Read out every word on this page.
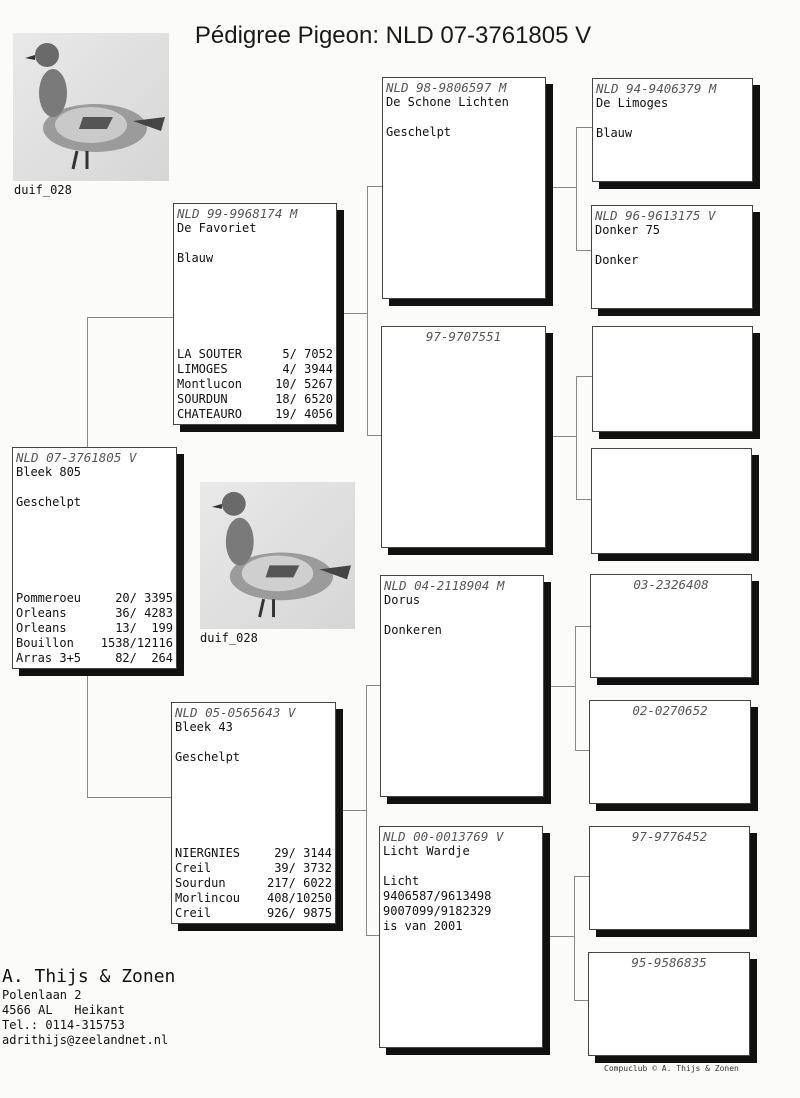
Pédigree Pigeon: NLD 07-3761805 V
duif_028
duif_028
NLD 07-3761805 V
Bleek 805
Geschelpt
Pommeroeu	20/ 3395
Orleans	36/ 4283
Orleans	13/  199
Bouillon	1538/12116
Arras 3+5	82/  264
NLD 99-9968174 M
De Favoriet
Blauw
LA SOUTER	5/ 7052
LIMOGES	4/ 3944
Montlucon	10/ 5267
SOURDUN	18/ 6520
CHATEAURO	19/ 4056
NLD 05-0565643 V
Bleek 43
Geschelpt
NIERGNIES	29/ 3144
Creil	39/ 3732
Sourdun	217/ 6022
Morlincou	408/10250
Creil	926/ 9875
NLD 98-9806597 M
De Schone Lichten
Geschelpt
97-9707551
NLD 04-2118904 M
Dorus
Donkeren
NLD 00-0013769 V
Licht Wardje
Licht
9406587/9613498
9007099/9182329
is van 2001
NLD 94-9406379 M
De Limoges
Blauw
NLD 96-9613175 V
Donker 75
Donker
03-2326408
02-0270652
97-9776452
95-9586835
A. Thijs & Zonen
Polenlaan 2
4566 AL   Heikant
Tel.: 0114-315753
adrithijs@zeelandnet.nl
Compuclub © A. Thijs & Zonen
